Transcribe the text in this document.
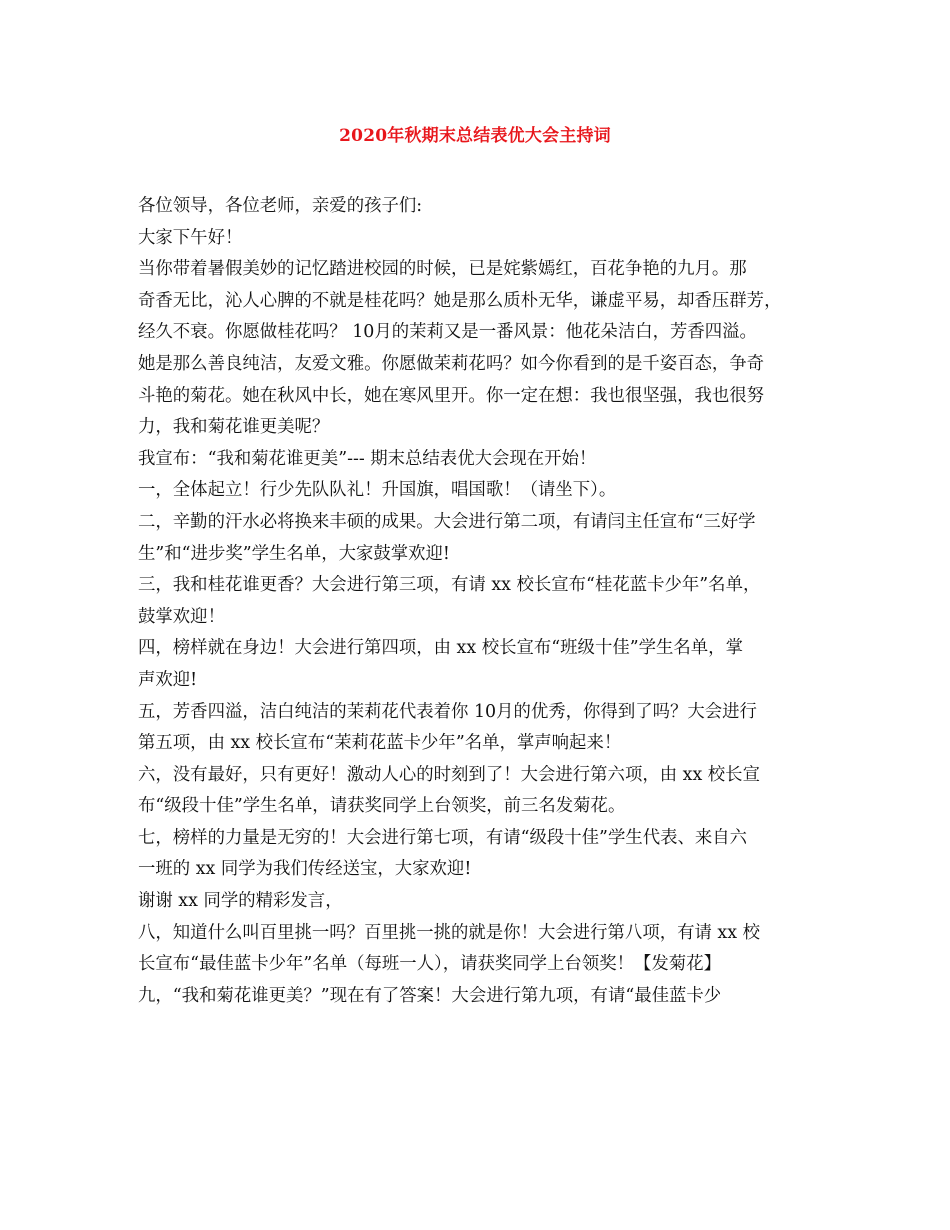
2020年秋期末总结表优大会主持词
各位领导，各位老师，亲爱的孩子们:
大家下午好！
当你带着暑假美妙的记忆踏进校园的时候，已是姹紫嫣红，百花争艳的九月。那
奇香无比，沁人心脾的不就是桂花吗？她是那么质朴无华，谦虚平易，却香压群芳，
经久不衰。你愿做桂花吗？ 10月的茉莉又是一番风景：他花朵洁白，芳香四溢。
她是那么善良纯洁，友爱文雅。你愿做茉莉花吗？如今你看到的是千姿百态，争奇
斗艳的菊花。她在秋风中长，她在寒风里开。你一定在想：我也很坚强，我也很努
力，我和菊花谁更美呢？
我宣布：“我和菊花谁更美”--- 期末总结表优大会现在开始！
一，全体起立！行少先队队礼！升国旗，唱国歌！（请坐下）。
二，辛勤的汗水必将换来丰硕的成果。大会进行第二项，有请闫主任宣布“三好学
生”和“进步奖”学生名单，大家鼓掌欢迎!
三，我和桂花谁更香？大会进行第三项，有请 xx 校长宣布“桂花蓝卡少年”名单，
鼓掌欢迎！
四，榜样就在身边！大会进行第四项，由 xx 校长宣布“班级十佳”学生名单，掌
声欢迎!
五，芳香四溢，洁白纯洁的茉莉花代表着你 10月的优秀，你得到了吗？大会进行
第五项，由 xx 校长宣布“茉莉花蓝卡少年”名单，掌声响起来！
六，没有最好，只有更好！激动人心的时刻到了！大会进行第六项，由 xx 校长宣
布“级段十佳”学生名单，请获奖同学上台领奖，前三名发菊花。
七，榜样的力量是无穷的！大会进行第七项，有请“级段十佳”学生代表、来自六
一班的 xx 同学为我们传经送宝，大家欢迎!
谢谢 xx 同学的精彩发言，
八，知道什么叫百里挑一吗？百里挑一挑的就是你！大会进行第八项，有请 xx 校
长宣布“最佳蓝卡少年”名单（每班一人），请获奖同学上台领奖！【发菊花】
九，“我和菊花谁更美？”现在有了答案！大会进行第九项，有请“最佳蓝卡少
